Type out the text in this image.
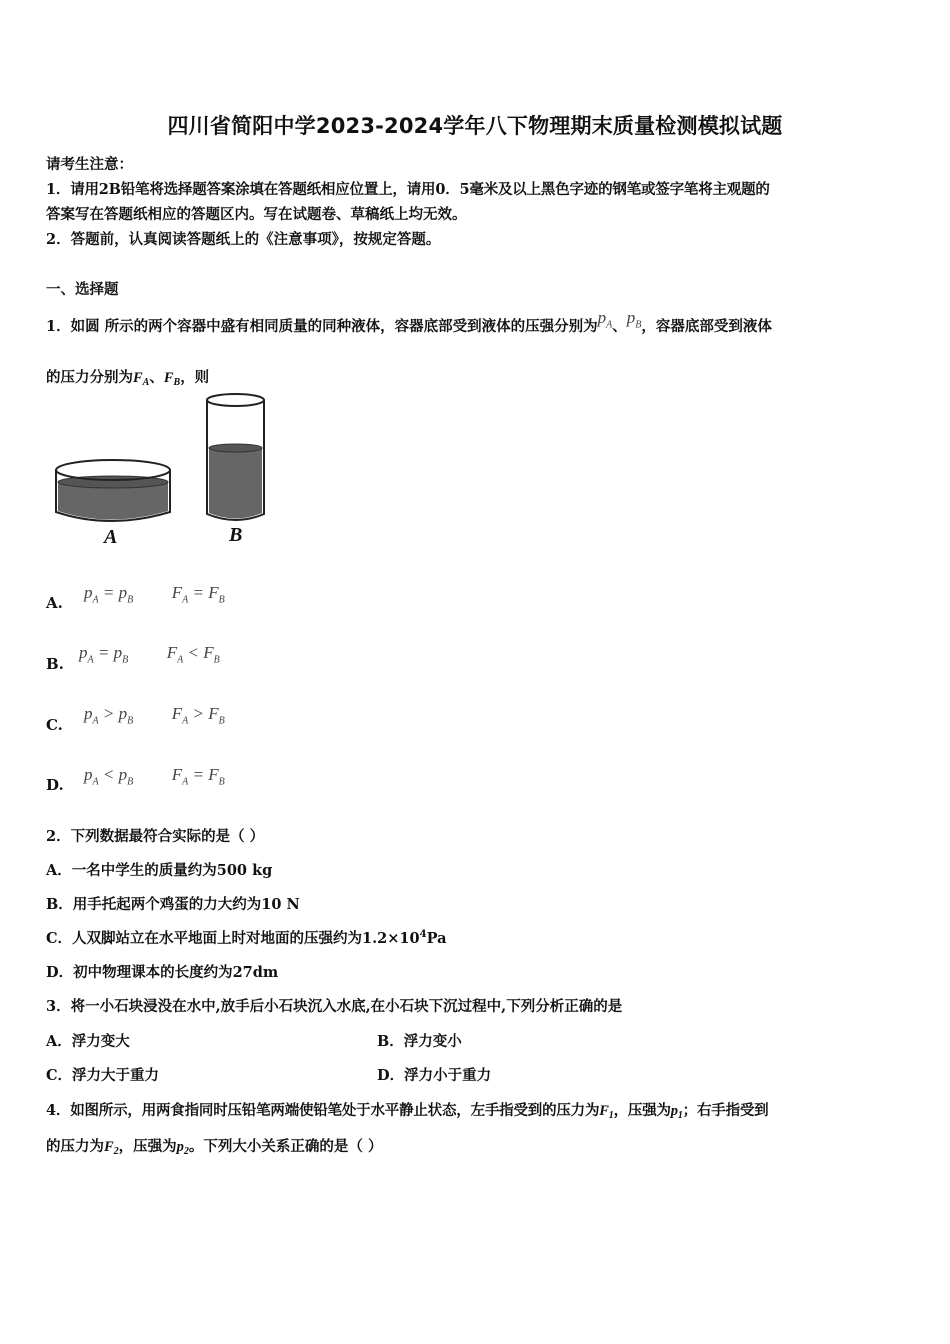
四川省简阳中学2023-2024学年八下物理期末质量检测模拟试题
请考生注意：
1．请用2B铅笔将选择题答案涂填在答题纸相应位置上，请用0．5毫米及以上黑色字迹的钢笔或签字笔将主观题的
答案写在答题纸相应的答题区内。写在试题卷、草稿纸上均无效。
2．答题前，认真阅读答题纸上的《注意事项》，按规定答题。
一、选择题
1．如圆 所示的两个容器中盛有相同质量的同种液体，容器底部受到液体的压强分别为$p_A$、$p_B$，容器底部受到液体
的压力分别为$F_A$、$F_B$，则
A	B
A.
$p_A = p_B$ $F_A = F_B$
B.
$p_A = p_B$ $F_A < F_B$
C.
$p_A > p_B$ $F_A > F_B$
D.
$p_A < p_B$ $F_A = F_B$
2．下列数据最符合实际的是（ ）
A．一名中学生的质量约为500 kg
B．用手托起两个鸡蛋的力大约为10 N
C．人双脚站立在水平地面上时对地面的压强约为$1.2\times 10^4Pa$
D．初中物理课本的长度约为27dm
3．将一小石块浸没在水中,放手后小石块沉入水底,在小石块下沉过程中,下列分析正确的是
A．浮力变大	B．浮力变小
C．浮力大于重力	D．浮力小于重力
4．如图所示，用两食指同时压铅笔两端使铅笔处于水平静止状态，左手指受到的压力为$F_1$，压强为$p_1$；右手指受到
的压力为$F_2$，压强为$p_2$。下列大小关系正确的是（ ）
